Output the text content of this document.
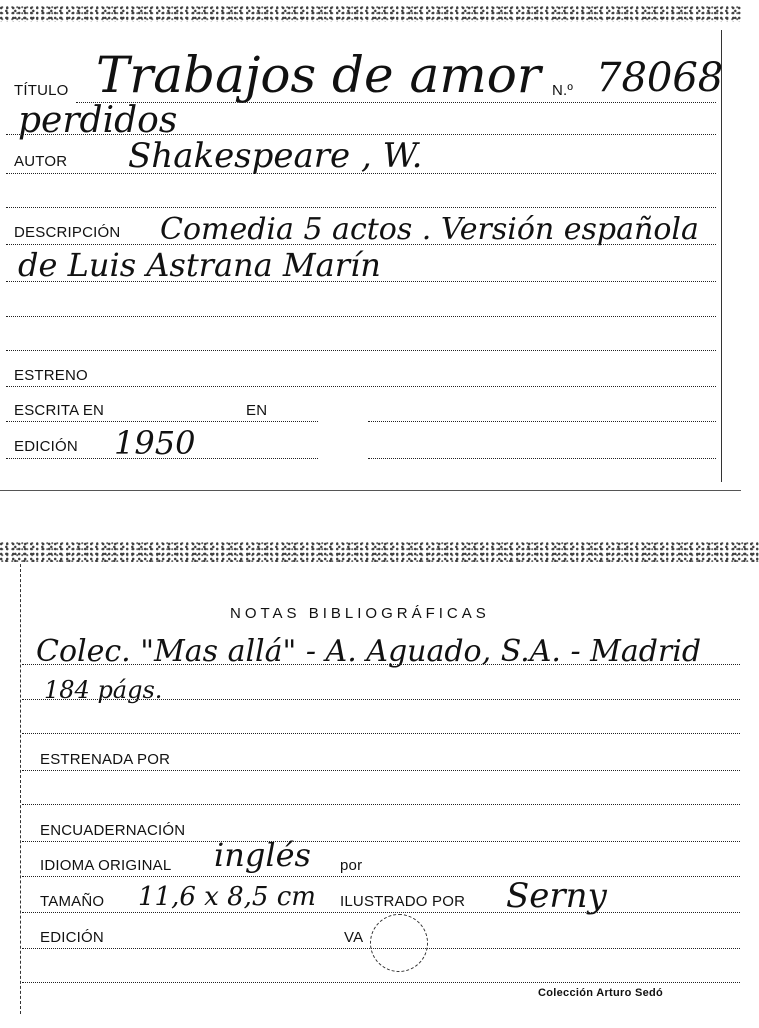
TÍTULO Trabajos de amor N.º 78068
perdidos
AUTOR Shakespeare , W.
DESCRIPCIÓN Comedia 5 actos . Versión española
de Luis Astrana Marín
ESTRENO
ESCRITA EN	EN
EDICIÓN 1950
NOTAS BIBLIOGRÁFICAS
Colec. "Mas allá" - A. Aguado, S.A. - Madrid
184 págs.
ESTRENADA POR
ENCUADERNACIÓN
IDIOMA ORIGINAL inglés por
TAMAÑO 11,6 x 8,5 cm ILUSTRADO POR Serny
EDICIÓN	VA
Colección Arturo Sedó
